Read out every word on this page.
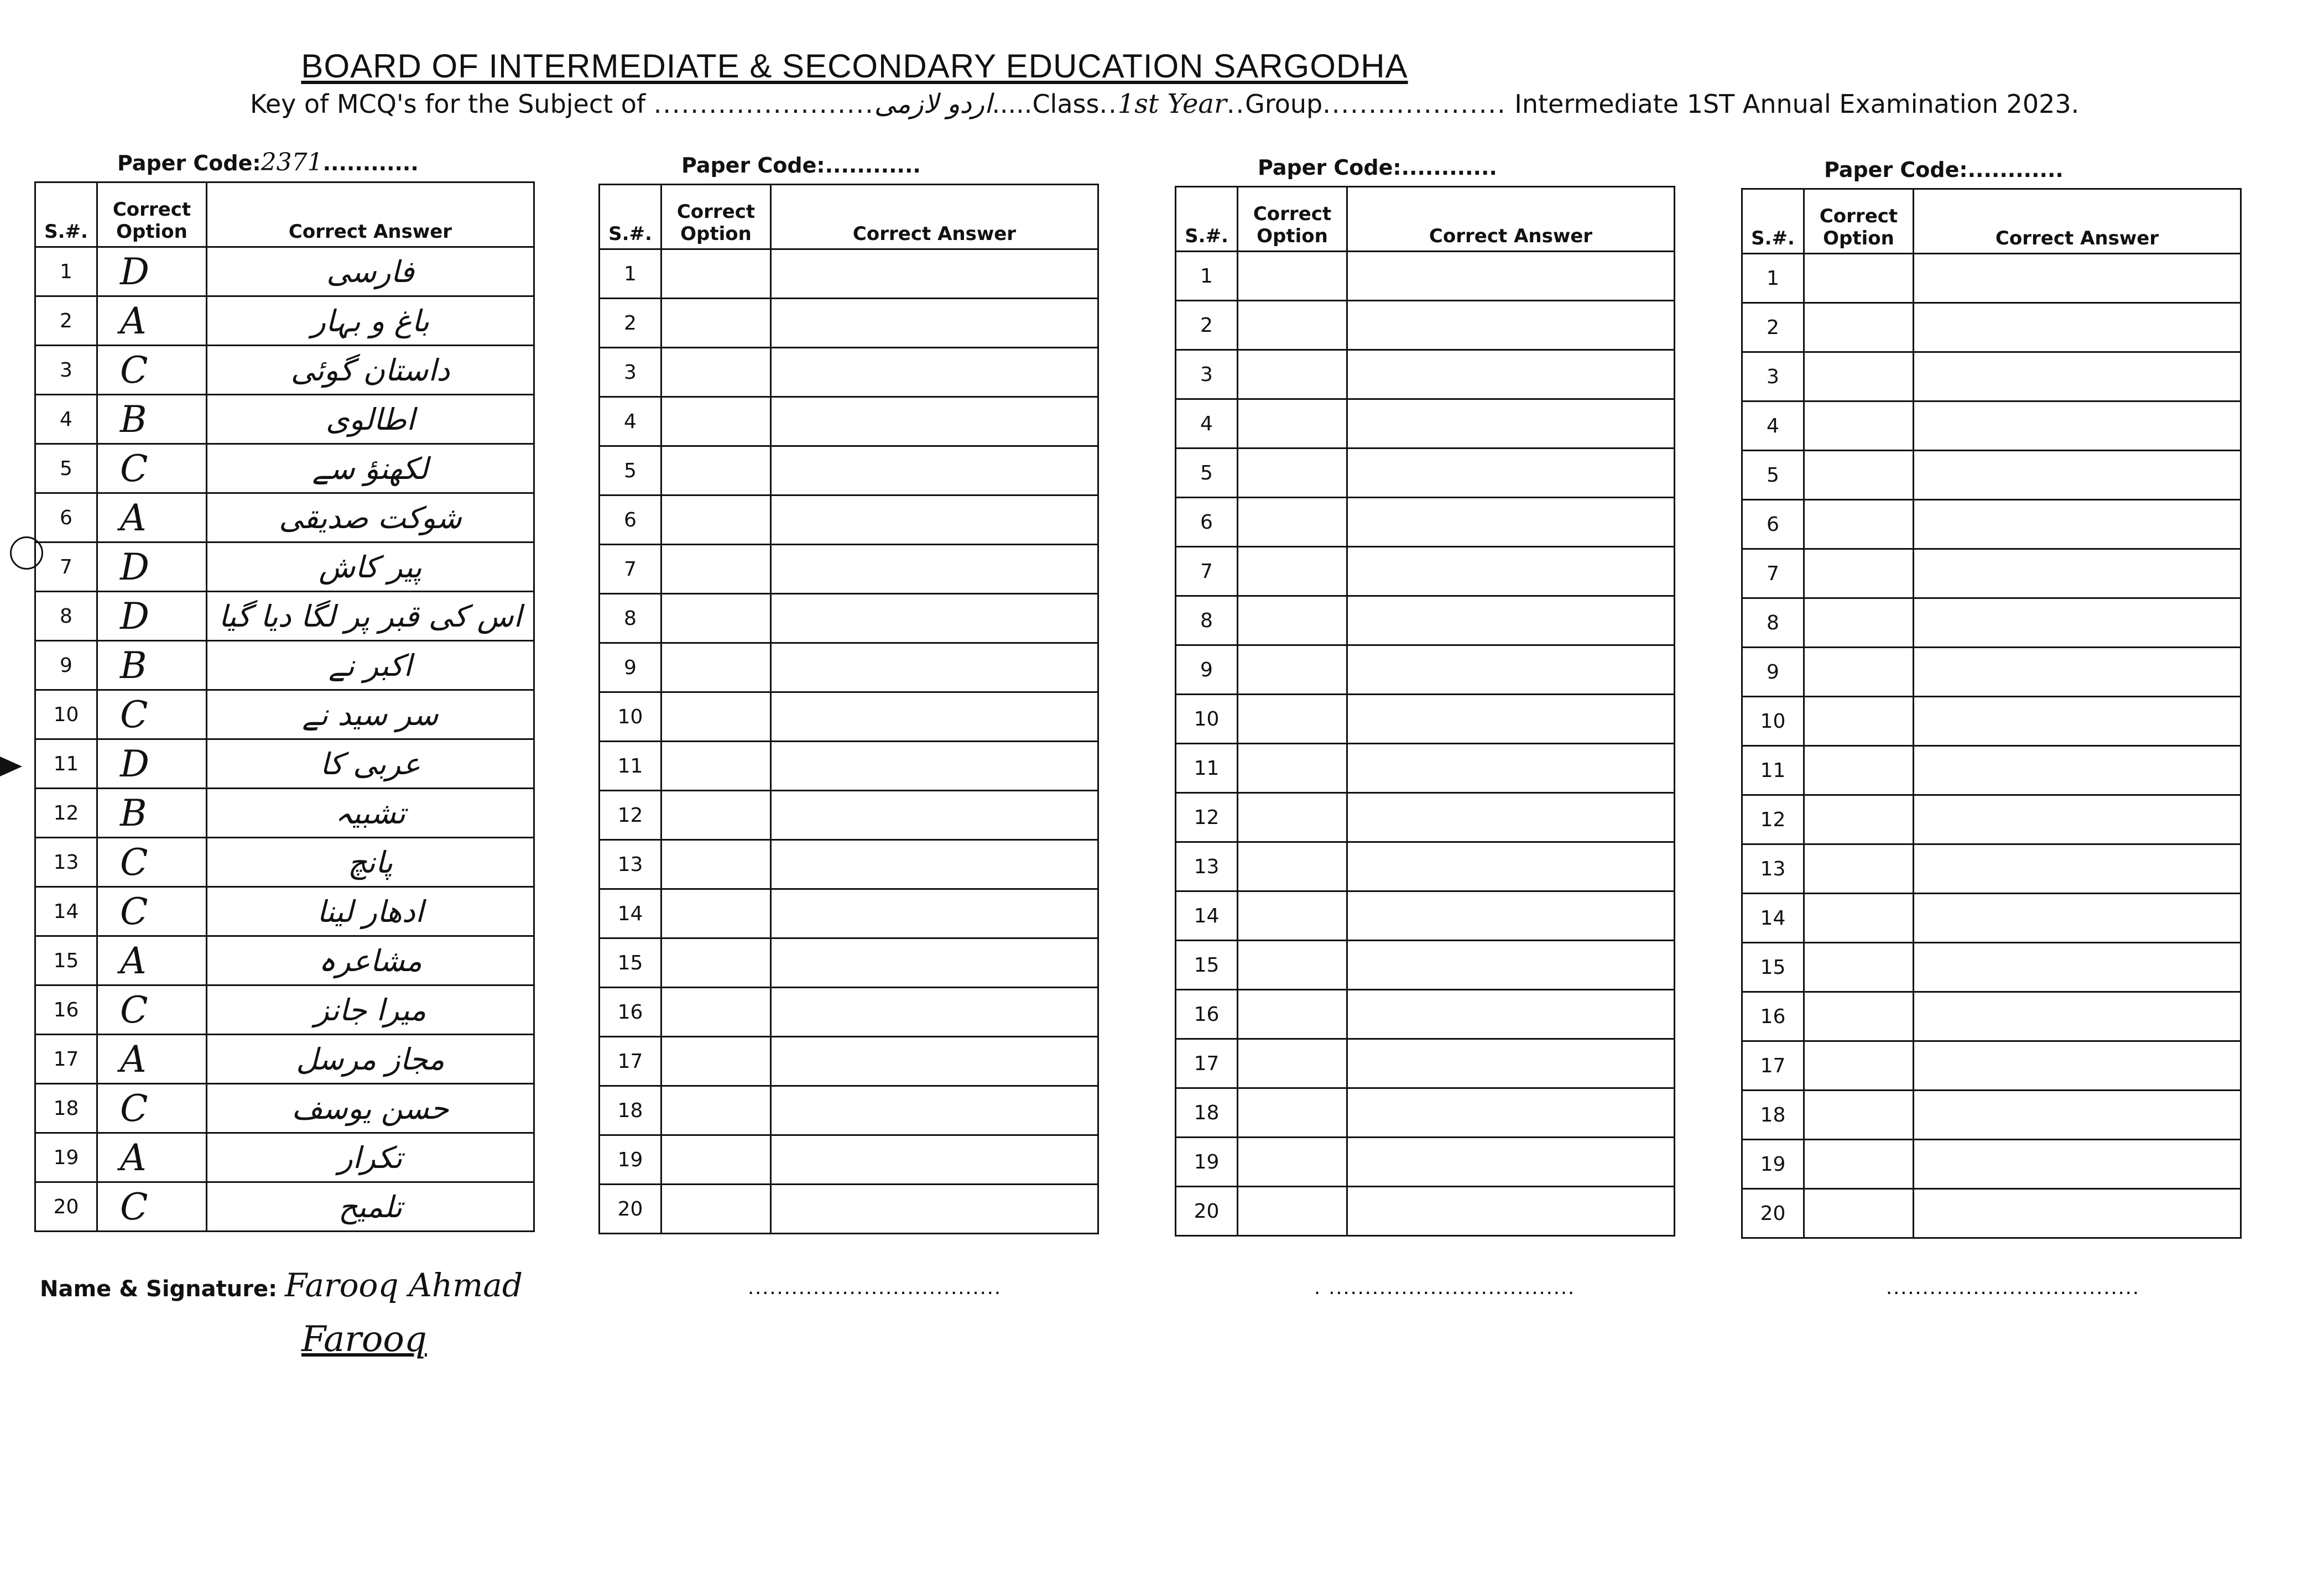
BOARD OF INTERMEDIATE & SECONDARY EDUCATION SARGODHA
Key of MCQ's for the Subject of ........................اردو لازمی.....Class..1st Year..Group.................... Intermediate 1ST Annual Examination 2023.
Paper Code:2371............
S.#.	Correct Option	Correct Answer
1	D	فارسی
2	A	باغ و بہار
3	C	داستان گوئی
4	B	اطالوی
5	C	لکھنؤ سے
6	A	شوکت صدیقی
7	D	پیر کاش
8	D	اس کی قبر پر لگا دیا گیا
9	B	اکبر نے
10	C	سر سید نے
11	D	عربی کا
12	B	تشبیہ
13	C	پانچ
14	C	ادھار لینا
15	A	مشاعرہ
16	C	میرا جانز
17	A	مجاز مرسل
18	C	حسن یوسف
19	A	تکرار
20	C	تلمیح
Paper Code:............
S.#.	Correct Option	Correct Answer
1		
2		
3		
4		
5		
6		
7		
8		
9		
10		
11		
12		
13		
14		
15		
16		
17		
18		
19		
20		
Paper Code:............
S.#.	Correct Option	Correct Answer
1		
2		
3		
4		
5		
6		
7		
8		
9		
10		
11		
12		
13		
14		
15		
16		
17		
18		
19		
20		
Paper Code:............
S.#.	Correct Option	Correct Answer
1		
2		
3		
4		
5		
6		
7		
8		
9		
10		
11		
12		
13		
14		
15		
16		
17		
18		
19		
20		
Name & Signature: Farooq Ahmad
Farooq
...................................	. ..................................	...................................
